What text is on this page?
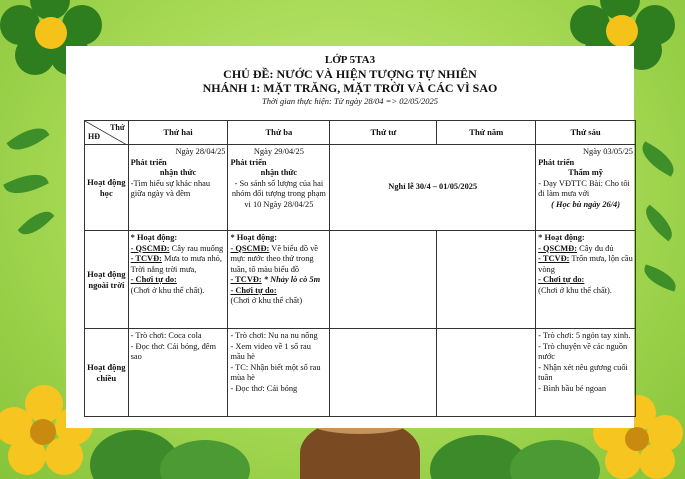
LỚP 5TA3
CHỦ ĐỀ: NƯỚC VÀ HIỆN TƯỢNG TỰ NHIÊN
NHÁNH 1: MẶT TRĂNG, MẶT TRỜI VÀ CÁC VÌ SAO
Thời gian thực hiện: Từ ngày 28/04 => 02/05/2025
Thứ
HĐ	Thứ hai	Thứ ba	Thứ tư	Thứ năm	Thứ sáu
Hoạt động học	Ngày 28/04/25
Phát triển
nhận thức
-Tìm hiểu sự khác nhau giữa ngày và đêm	Ngày 29/04/25
Phát triển
nhận thức
- So sánh số lượng của hai nhóm đối tượng trong phạm vi 10 Ngày 28/04/25	Nghỉ lễ 30/4 – 01/05/2025		Ngày 03/05/25
Phát triển
Thẩm mỹ
- Dạy VĐTTC Bài: Cho tôi đi làm mưa với
( Học bù ngày 26/4)

Hoạt động ngoài trời	* Hoạt động:
- QSCMĐ: Cây rau muống
- TCVĐ: Mưa to mưa nhỏ, Trời nắng trời mưa,
- Chơi tự do:
(Chơi ở khu thể chất).	* Hoạt động:
- QSCMĐ: Vẽ biểu đồ về mực nước theo thứ trong tuần, tô màu biểu đồ
- TCVĐ: * Nhảy lò cò 5m
- Chơi tự do:
(Chơi ở khu thể chất)			* Hoạt động:
- QSCMĐ: Cây đu đủ
- TCVĐ: Trốn mưa, lộn cầu vòng
- Chơi tự do:
(Chơi ở khu thể chất).

Hoạt động chiều	- Trò chơi: Coca cola
- Đọc thơ: Cái bóng, đêm sao	- Trò chơi: Nu na nu nống
- Xem video về 1 số rau mầu hè
- TC: Nhận biết một số rau mùa hè
- Đọc thơ: Cái bóng			- Trò chơi: 5 ngón tay xinh.
- Trò chuyện về các nguồn nước
- Nhận xét nêu gương cuối tuần
- Bình bầu bé ngoan
